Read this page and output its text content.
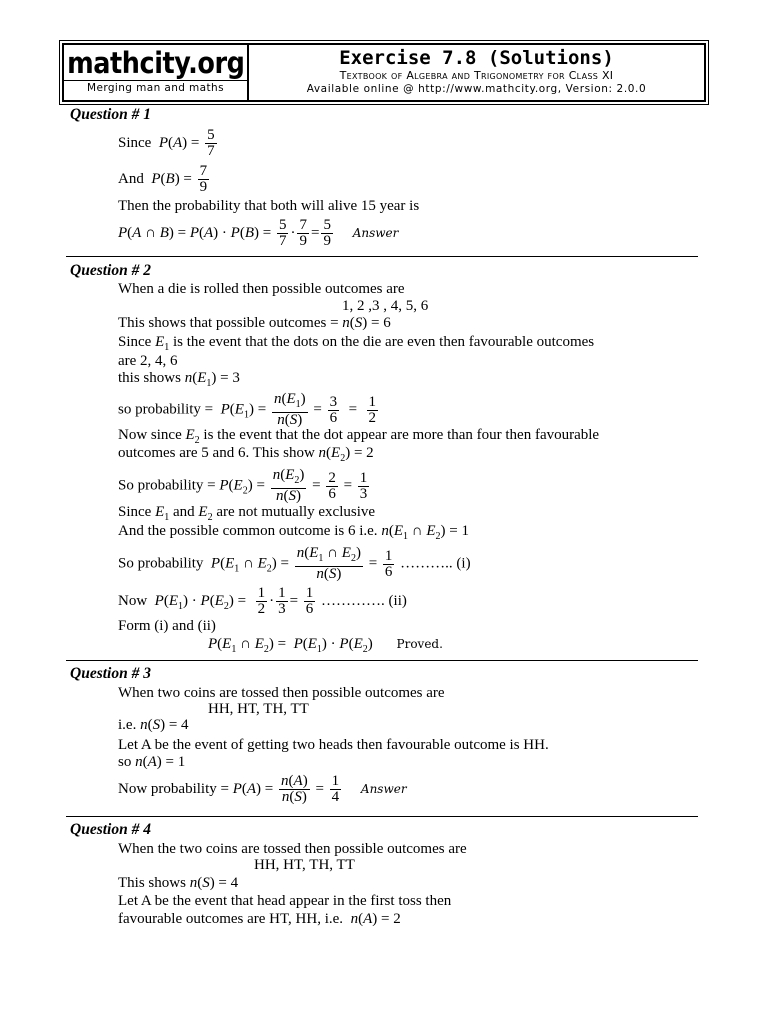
mathcity.org
Merging man and maths
Exercise 7.8 (Solutions)
Textbook of Algebra and Trigonometry for Class XI
Available online @ http://www.mathcity.org, Version: 2.0.0
Question # 1
Since $P(A) = \frac{5}{7}$
And $P(B) = \frac{7}{9}$
Then the probability that both will alive 15 year is
P(A ∩ $B) = P(A) \cdot P(B) = \frac{5}{7} \cdot \frac{7}{9} = \frac{5}{9}$ Answer
Question # 2
When a die is rolled then possible outcomes are
1, 2 ,3 , 4, 5, 6
This shows that possible outcomes = n(S) = 6
Since $E_1$ is the event that the dots on the die are even then favourable outcomes
are 2, 4, 6
this shows $n(E_1) = 3$
so probability = $P(E_1) = \frac{n(E_1)}{n(S)} = \frac{3}{6} = \frac{1}{2}$
Now since $E_2$ is the event that the dot appear are more than four then favourable
outcomes are 5 and 6. This show $n(E_2) = 2$
So probability = $P(E_2) = \frac{n(E_2)}{n(S)} = \frac{2}{6} = \frac{1}{3}$
Since $E_1$ and $E_2$ are not mutually exclusive
And the possible common outcome is 6 i.e. $n(E_1$ ∩ $E_2) = 1$
So probability $P(E_1$ ∩ $E_2) = \frac{n(E_1 \cap E_2)}{n(S)} = \frac{1}{6}$ ……….. (i)
Now $P(E_1) \cdot P(E_2) = \frac{1}{2} \cdot \frac{1}{3} = \frac{1}{6}$ …………. (ii)
Form (i) and (ii)
$P(E_1$ ∩ $E_2) = P(E_1) \cdot P(E_2)$ Proved.
Question # 3
When two coins are tossed then possible outcomes are
HH, HT, TH, TT
i.e. n(S) = 4
Let A be the event of getting two heads then favourable outcome is HH.
so n(A) = 1
Now probability = $P(A) = \frac{n(A)}{n(S)} = \frac{1}{4}$ Answer
Question # 4
When the two coins are tossed then possible outcomes are
HH, HT, TH, TT
This shows n(S) = 4
Let A be the event that head appear in the first toss then
favourable outcomes are HT, HH, i.e. n(A) = 2
